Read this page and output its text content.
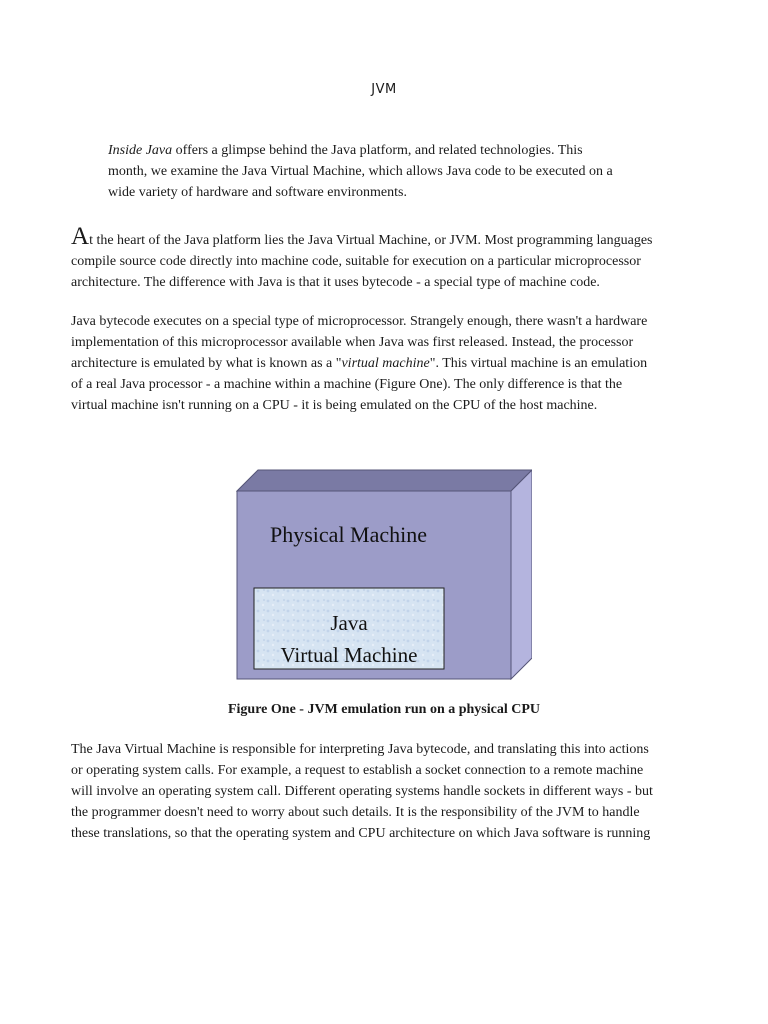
JVM
Inside Java offers a glimpse behind the Java platform, and related technologies. This
month, we examine the Java Virtual Machine, which allows Java code to be executed on a
wide variety of hardware and software environments.
At the heart of the Java platform lies the Java Virtual Machine, or JVM. Most programming languages
compile source code directly into machine code, suitable for execution on a particular microprocessor
architecture. The difference with Java is that it uses bytecode - a special type of machine code.
Java bytecode executes on a special type of microprocessor. Strangely enough, there wasn't a hardware
implementation of this microprocessor available when Java was first released. Instead, the processor
architecture is emulated by what is known as a "virtual machine". This virtual machine is an emulation
of a real Java processor - a machine within a machine (Figure One). The only difference is that the
virtual machine isn't running on a CPU - it is being emulated on the CPU of the host machine.
Physical Machine
Java
Virtual Machine
Figure One - JVM emulation run on a physical CPU
The Java Virtual Machine is responsible for interpreting Java bytecode, and translating this into actions
or operating system calls. For example, a request to establish a socket connection to a remote machine
will involve an operating system call. Different operating systems handle sockets in different ways - but
the programmer doesn't need to worry about such details. It is the responsibility of the JVM to handle
these translations, so that the operating system and CPU architecture on which Java software is running
